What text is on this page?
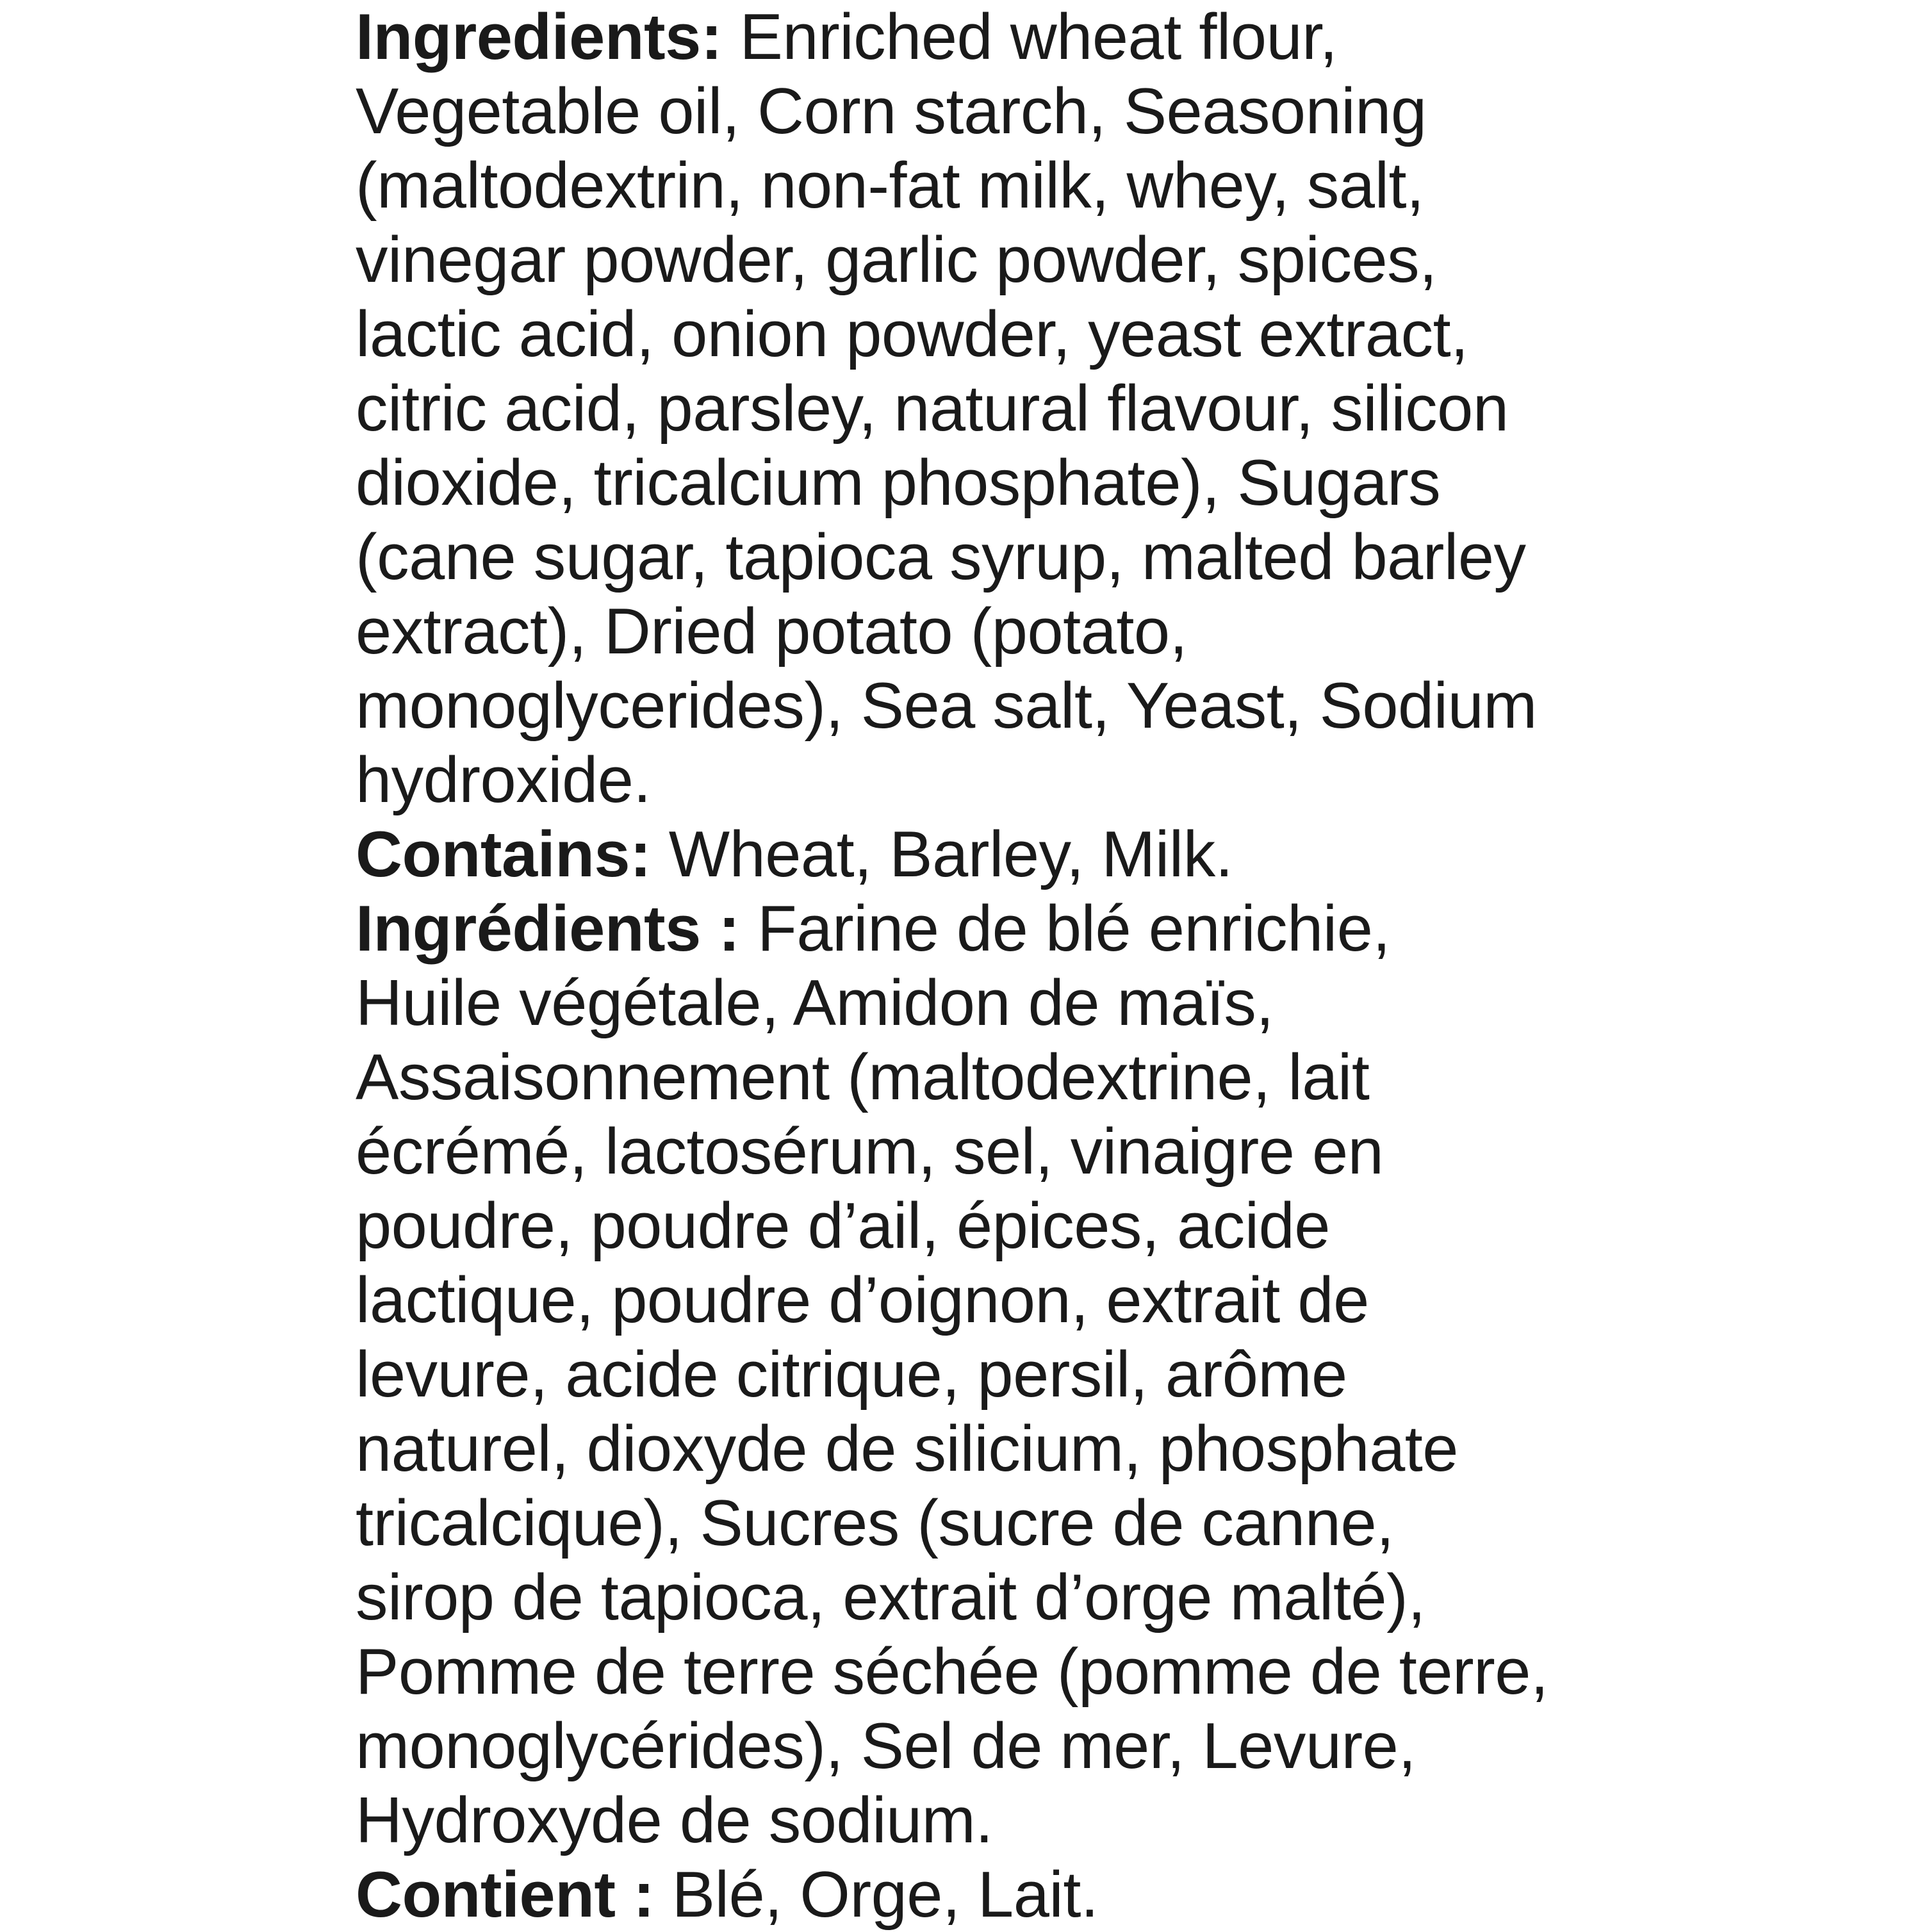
Ingredients: Enriched wheat flour,
Vegetable oil, Corn starch, Seasoning
(maltodextrin, non-fat milk, whey, salt,
vinegar powder, garlic powder, spices,
lactic acid, onion powder, yeast extract,
citric acid, parsley, natural flavour, silicon
dioxide, tricalcium phosphate), Sugars
(cane sugar, tapioca syrup, malted barley
extract), Dried potato (potato,
monoglycerides), Sea salt, Yeast, Sodium
hydroxide.
Contains: Wheat, Barley, Milk.
Ingrédients : Farine de blé enrichie,
Huile végétale, Amidon de maïs,
Assaisonnement (maltodextrine, lait
écrémé, lactosérum, sel, vinaigre en
poudre, poudre d’ail, épices, acide
lactique, poudre d’oignon, extrait de
levure, acide citrique, persil, arôme
naturel, dioxyde de silicium, phosphate
tricalcique), Sucres (sucre de canne,
sirop de tapioca, extrait d’orge malté),
Pomme de terre séchée (pomme de terre,
monoglycérides), Sel de mer, Levure,
Hydroxyde de sodium.
Contient : Blé, Orge, Lait.
